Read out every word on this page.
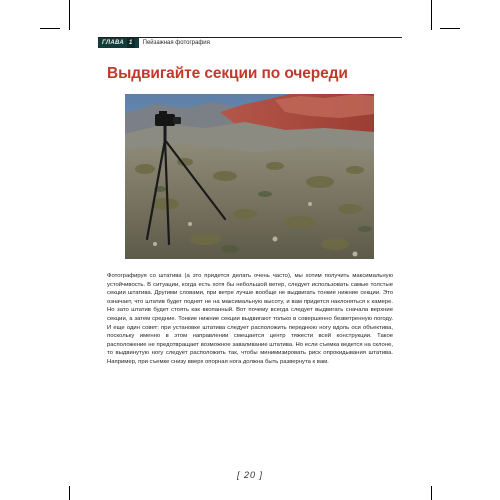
ГЛАВА 1	Пейзажная фотография
Выдвигайте секции по очереди
Фотографируя со штатива (а это придется делать очень часто), мы хотим получить максимальную устойчивость. В ситуации, когда есть хотя бы небольшой ветер, следует использовать самые толстые секции штатива. Другими словами, при ветре лучше вообще не выдвигать тонкие нижние секции. Это означает, что штатив будет поднят не на максимальную высоту, и вам придется наклоняться к камере. Но зато штатив будет стоять как вкопанный. Вот почему всегда следует выдвигать сначала верхние секции, а затем средние. Тонкие нижние секции выдвигают только в совершенно безветренную погоду. И еще один совет: при установке штатива следует расположить переднюю ногу вдоль оси объектива, поскольку именно в этом направлении смещается центр тяжести всей конструкции. Такое расположение не предотвращает возможное заваливание штатива. Но если съемка ведется на склоне, то выдвинутую ногу следует расположить так, чтобы минимизировать риск опрокидывания штатива. Например, при съемке снизу вверх опорная нога должна быть развернута к вам.
[ 20 ]
